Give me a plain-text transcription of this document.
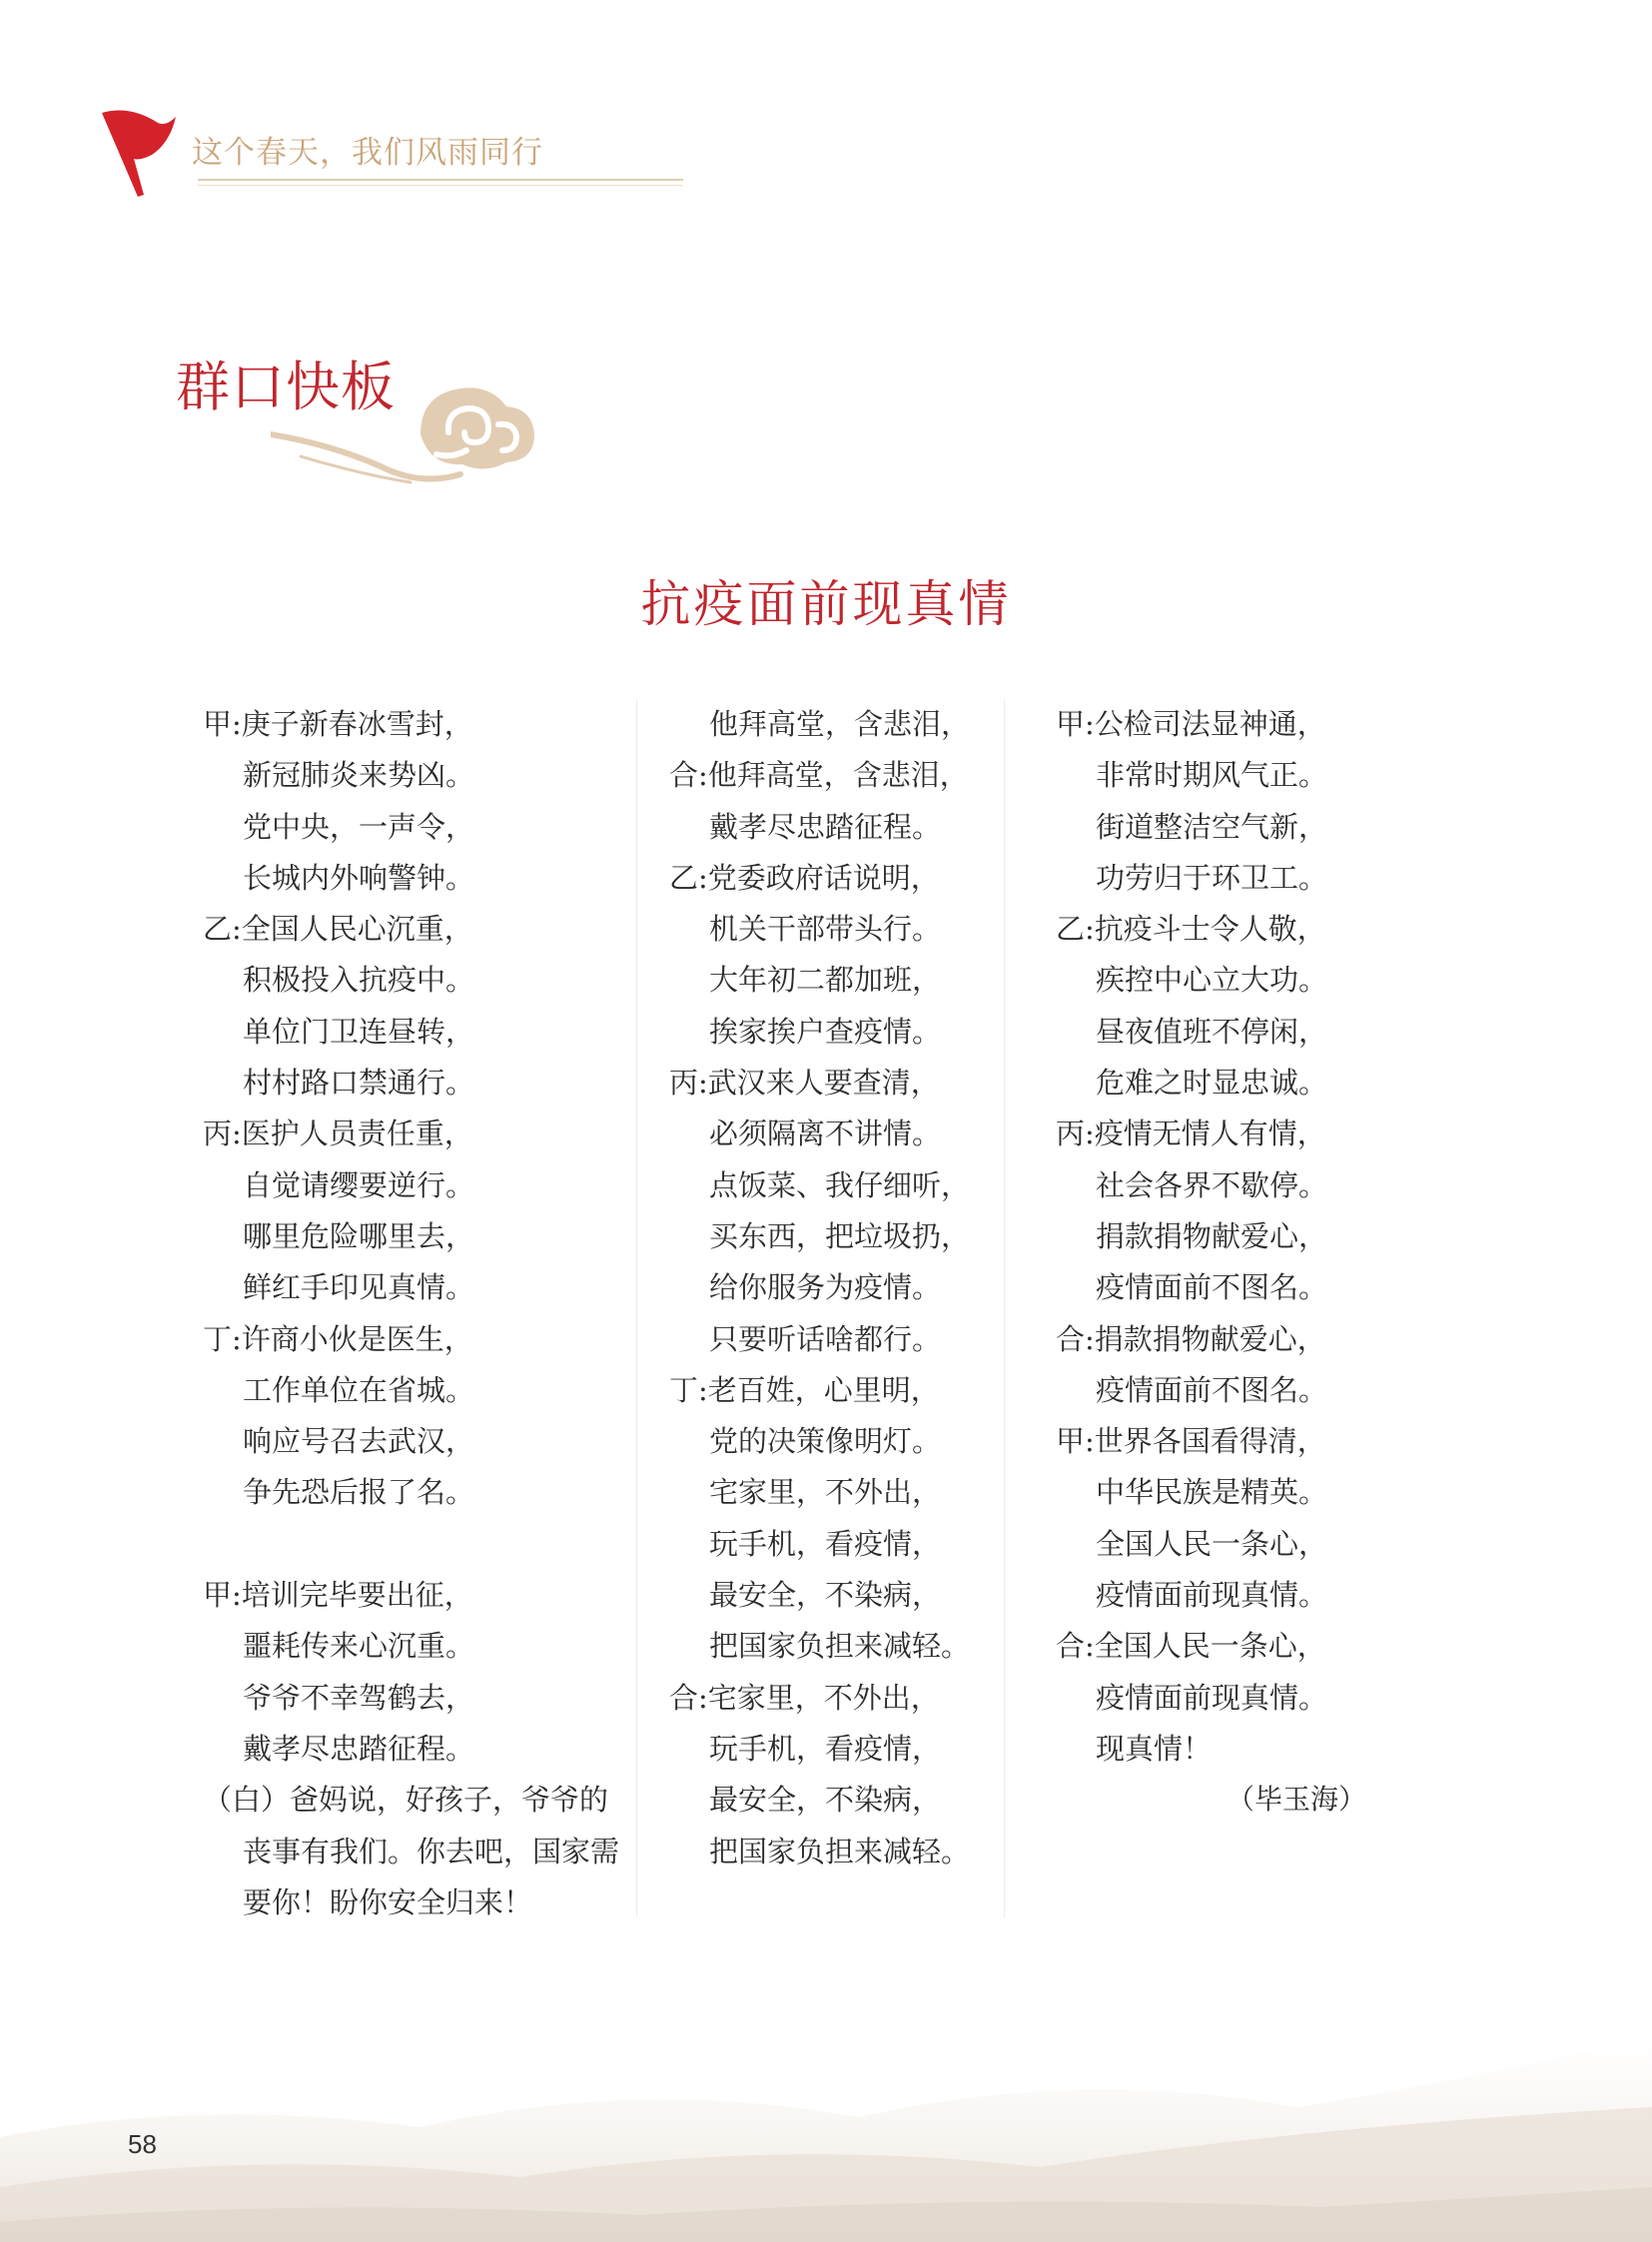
这个春天，我们风雨同行
群口快板
抗疫面前现真情
甲:庚子新春冰雪封，
新冠肺炎来势凶。
党中央，一声令，
长城内外响警钟。
乙:全国人民心沉重，
积极投入抗疫中。
单位门卫连昼转，
村村路口禁通行。
丙:医护人员责任重，
自觉请缨要逆行。
哪里危险哪里去，
鲜红手印见真情。
丁:许商小伙是医生，
工作单位在省城。
响应号召去武汉，
争先恐后报了名。
甲:培训完毕要出征，
噩耗传来心沉重。
爷爷不幸驾鹤去，
戴孝尽忠踏征程。
（白）爸妈说，好孩子，爷爷的
丧事有我们。你去吧，国家需
要你！盼你安全归来！
他拜高堂，含悲泪，
合:他拜高堂，含悲泪，
戴孝尽忠踏征程。
乙:党委政府话说明，
机关干部带头行。
大年初二都加班，
挨家挨户查疫情。
丙:武汉来人要查清，
必须隔离不讲情。
点饭菜、我仔细听，
买东西，把垃圾扔，
给你服务为疫情。
只要听话啥都行。
丁:老百姓，心里明，
党的决策像明灯。
宅家里，不外出，
玩手机，看疫情，
最安全，不染病，
把国家负担来减轻。
合:宅家里，不外出，
玩手机，看疫情，
最安全，不染病，
把国家负担来减轻。
甲:公检司法显神通，
非常时期风气正。
街道整洁空气新，
功劳归于环卫工。
乙:抗疫斗士令人敬，
疾控中心立大功。
昼夜值班不停闲，
危难之时显忠诚。
丙:疫情无情人有情，
社会各界不歇停。
捐款捐物献爱心，
疫情面前不图名。
合:捐款捐物献爱心，
疫情面前不图名。
甲:世界各国看得清，
中华民族是精英。
全国人民一条心，
疫情面前现真情。
合:全国人民一条心，
疫情面前现真情。
现真情！
（毕玉海）
58
